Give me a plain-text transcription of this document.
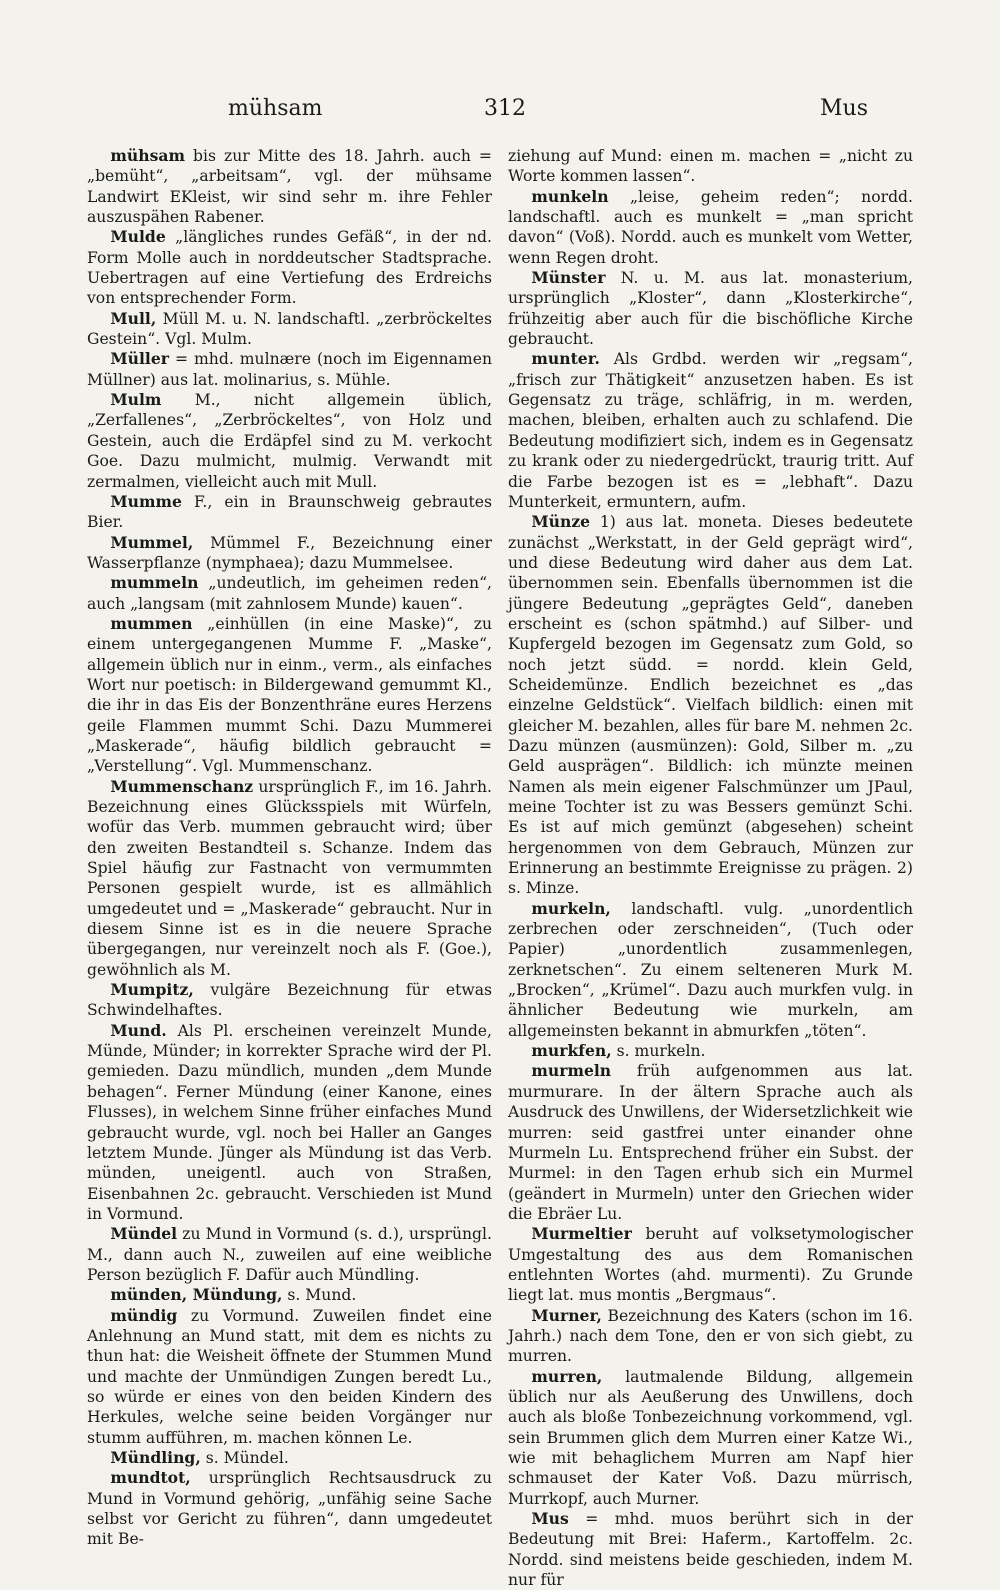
mühsam	312	Mus

mühsam bis zur Mitte des 18. Jahrh. auch = „bemüht“, „arbeitsam“, vgl. der mühsame Landwirt EKleist, wir sind sehr m. ihre Fehler auszuspähen Rabener.

Mulde „längliches rundes Gefäß“, in der nd. Form Molle auch in norddeutscher Stadtsprache. Uebertragen auf eine Vertiefung des Erdreichs von entsprechender Form.

Mull, Müll M. u. N. landschaftl. „zerbröckeltes Gestein“. Vgl. Mulm.

Müller = mhd. mulnære (noch im Eigennamen Müllner) aus lat. molinarius, s. Mühle.

Mulm M., nicht allgemein üblich, „Zerfallenes“, „Zerbröckeltes“, von Holz und Gestein, auch die Erdäpfel sind zu M. verkocht Goe. Dazu mulmicht, mulmig. Verwandt mit zermalmen, vielleicht auch mit Mull.

Mumme F., ein in Braunschweig gebrautes Bier.

Mummel, Mümmel F., Bezeichnung einer Wasserpflanze (nymphaea); dazu Mummelsee.

mummeln „undeutlich, im geheimen reden“, auch „langsam (mit zahnlosem Munde) kauen“.

mummen „einhüllen (in eine Maske)“, zu einem untergegangenen Mumme F. „Maske“, allgemein üblich nur in einm., verm., als einfaches Wort nur poetisch: in Bildergewand gemummt Kl., die ihr in das Eis der Bonzenthräne eures Herzens geile Flammen mummt Schi. Dazu Mummerei „Maskerade“, häufig bildlich gebraucht = „Verstellung“. Vgl. Mummenschanz.

Mummenschanz ursprünglich F., im 16. Jahrh. Bezeichnung eines Glücksspiels mit Würfeln, wofür das Verb. mummen gebraucht wird; über den zweiten Bestandteil s. Schanze. Indem das Spiel häufig zur Fastnacht von vermummten Personen gespielt wurde, ist es allmählich umgedeutet und = „Maskerade“ gebraucht. Nur in diesem Sinne ist es in die neuere Sprache übergegangen, nur vereinzelt noch als F. (Goe.), gewöhnlich als M.

Mumpitz, vulgäre Bezeichnung für etwas Schwindelhaftes.

Mund. Als Pl. erscheinen vereinzelt Munde, Münde, Münder; in korrekter Sprache wird der Pl. gemieden. Dazu mündlich, munden „dem Munde behagen“. Ferner Mündung (einer Kanone, eines Flusses), in welchem Sinne früher einfaches Mund gebraucht wurde, vgl. noch bei Haller an Ganges letztem Munde. Jünger als Mündung ist das Verb. münden, uneigentl. auch von Straßen, Eisenbahnen 2c. gebraucht. Verschieden ist Mund in Vormund.

Mündel zu Mund in Vormund (s. d.), ursprüngl. M., dann auch N., zuweilen auf eine weibliche Person bezüglich F. Dafür auch Mündling.

münden, Mündung, s. Mund.

mündig zu Vormund. Zuweilen findet eine Anlehnung an Mund statt, mit dem es nichts zu thun hat: die Weisheit öffnete der Stummen Mund und machte der Unmündigen Zungen beredt Lu., so würde er eines von den beiden Kindern des Herkules, welche seine beiden Vorgänger nur stumm aufführen, m. machen können Le.

Mündling, s. Mündel.

mundtot, ursprünglich Rechtsausdruck zu Mund in Vormund gehörig, „unfähig seine Sache selbst vor Gericht zu führen“, dann umgedeutet mit Be-

ziehung auf Mund: einen m. machen = „nicht zu Worte kommen lassen“.

munkeln „leise, geheim reden“; nordd. landschaftl. auch es munkelt = „man spricht davon“ (Voß). Nordd. auch es munkelt vom Wetter, wenn Regen droht.

Münster N. u. M. aus lat. monasterium, ursprünglich „Kloster“, dann „Klosterkirche“, frühzeitig aber auch für die bischöfliche Kirche gebraucht.

munter. Als Grdbd. werden wir „regsam“, „frisch zur Thätigkeit“ anzusetzen haben. Es ist Gegensatz zu träge, schläfrig, in m. werden, machen, bleiben, erhalten auch zu schlafend. Die Bedeutung modifiziert sich, indem es in Gegensatz zu krank oder zu niedergedrückt, traurig tritt. Auf die Farbe bezogen ist es = „lebhaft“. Dazu Munterkeit, ermuntern, aufm.

Münze 1) aus lat. moneta. Dieses bedeutete zunächst „Werkstatt, in der Geld geprägt wird“, und diese Bedeutung wird daher aus dem Lat. übernommen sein. Ebenfalls übernommen ist die jüngere Bedeutung „geprägtes Geld“, daneben erscheint es (schon spätmhd.) auf Silber- und Kupfergeld bezogen im Gegensatz zum Gold, so noch jetzt südd. = nordd. klein Geld, Scheidemünze. Endlich bezeichnet es „das einzelne Geldstück“. Vielfach bildlich: einen mit gleicher M. bezahlen, alles für bare M. nehmen 2c. Dazu münzen (ausmünzen): Gold, Silber m. „zu Geld ausprägen“. Bildlich: ich münzte meinen Namen als mein eigener Falschmünzer um JPaul, meine Tochter ist zu was Bessers gemünzt Schi. Es ist auf mich gemünzt (abgesehen) scheint hergenommen von dem Gebrauch, Münzen zur Erinnerung an bestimmte Ereignisse zu prägen. 2) s. Minze.

murkeln, landschaftl. vulg. „unordentlich zerbrechen oder zerschneiden“, (Tuch oder Papier) „unordentlich zusammenlegen, zerknetschen“. Zu einem selteneren Murk M. „Brocken“, „Krümel“. Dazu auch murkfen vulg. in ähnlicher Bedeutung wie murkeln, am allgemeinsten bekannt in abmurkfen „töten“.

murkfen, s. murkeln.

murmeln früh aufgenommen aus lat. murmurare. In der ältern Sprache auch als Ausdruck des Unwillens, der Widersetzlichkeit wie murren: seid gastfrei unter einander ohne Murmeln Lu. Entsprechend früher ein Subst. der Murmel: in den Tagen erhub sich ein Murmel (geändert in Murmeln) unter den Griechen wider die Ebräer Lu.

Murmeltier beruht auf volksetymologischer Umgestaltung des aus dem Romanischen entlehnten Wortes (ahd. murmenti). Zu Grunde liegt lat. mus montis „Bergmaus“.

Murner, Bezeichnung des Katers (schon im 16. Jahrh.) nach dem Tone, den er von sich giebt, zu murren.

murren, lautmalende Bildung, allgemein üblich nur als Aeußerung des Unwillens, doch auch als bloße Tonbezeichnung vorkommend, vgl. sein Brummen glich dem Murren einer Katze Wi., wie mit behaglichem Murren am Napf hier schmauset der Kater Voß. Dazu mürrisch, Murrkopf, auch Murner.

Mus = mhd. muos berührt sich in der Bedeutung mit Brei: Haferm., Kartoffelm. 2c. Nordd. sind meistens beide geschieden, indem M. nur für
